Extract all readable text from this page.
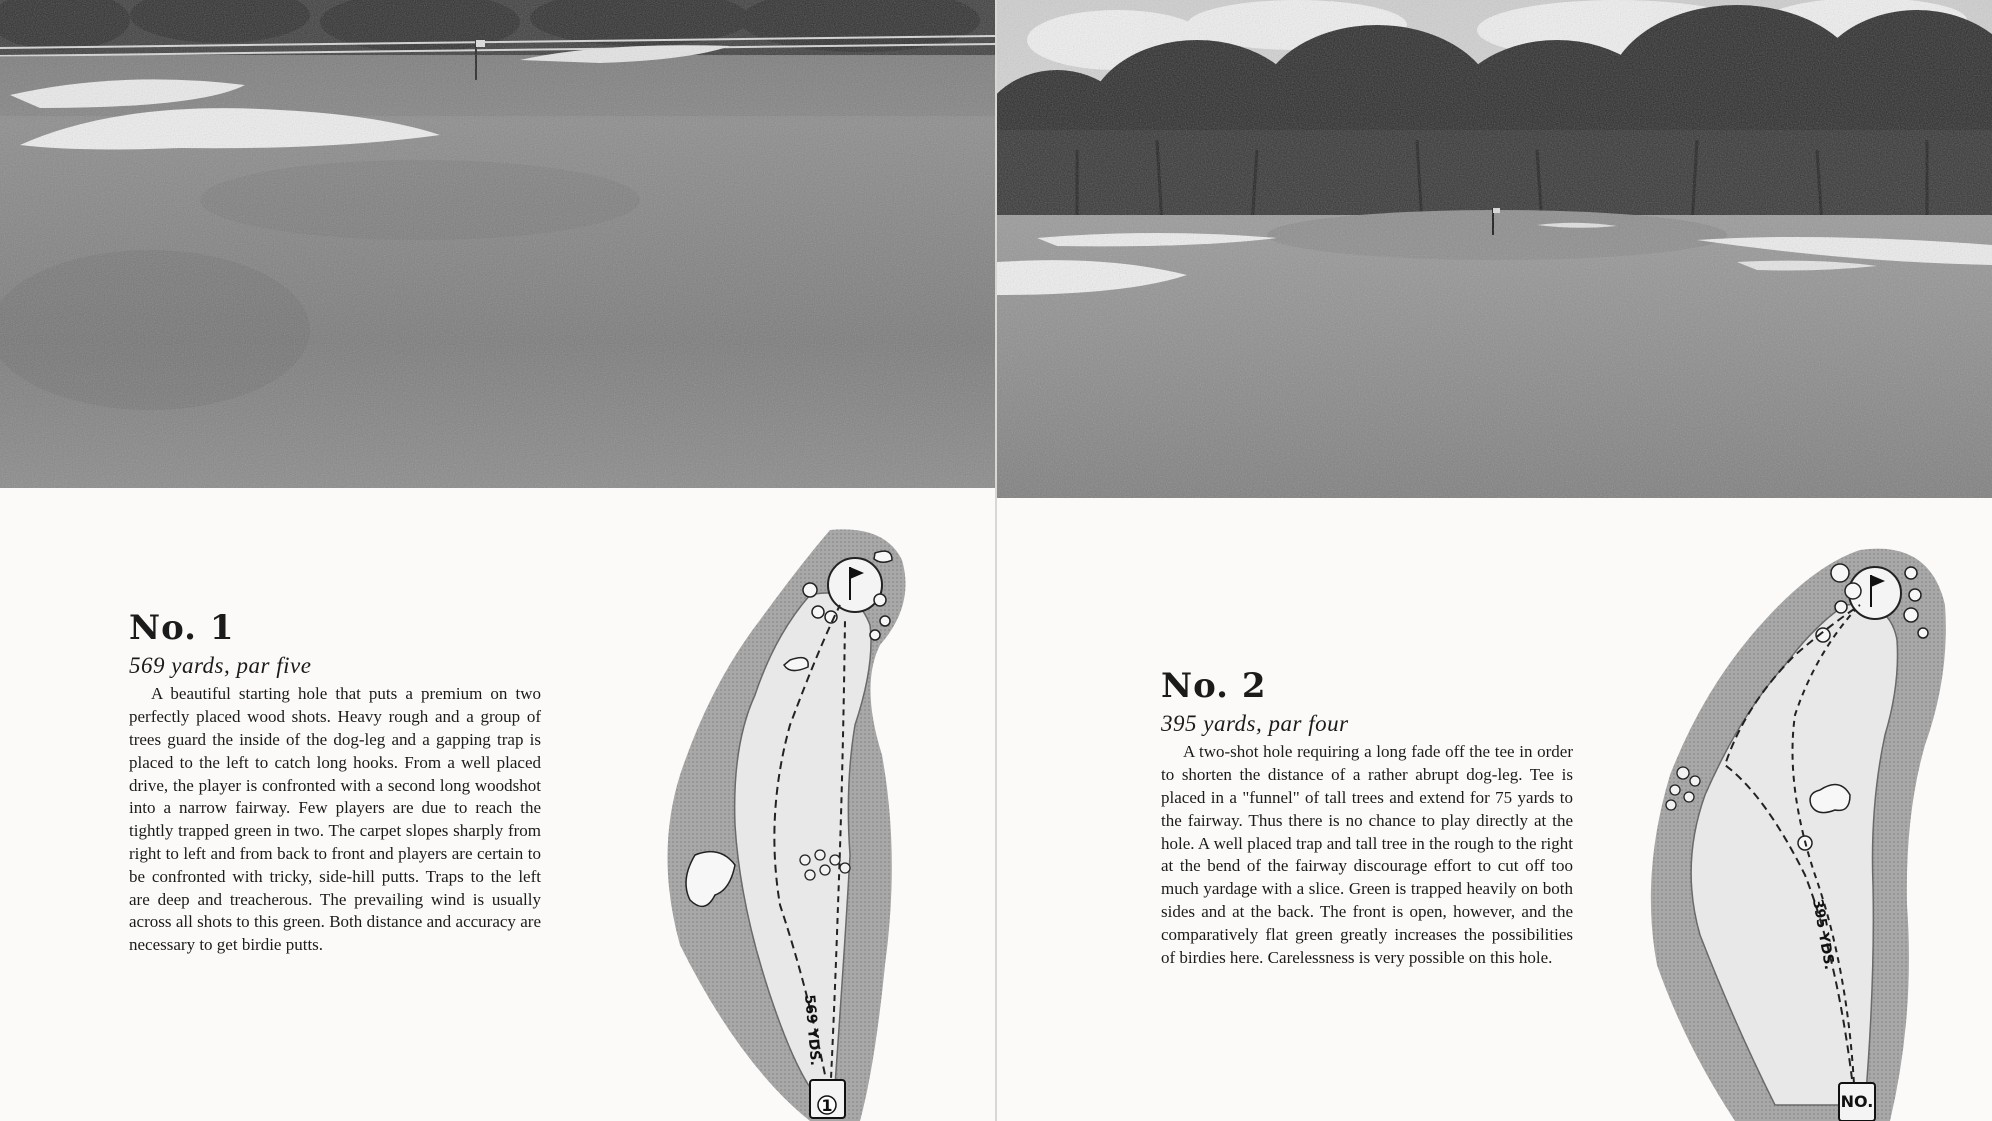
No. 1
569 yards, par five

A beautiful starting hole that puts a premium on two perfectly placed wood shots. Heavy rough and a group of trees guard the inside of the dog-leg and a gapping trap is placed to the left to catch long hooks. From a well placed drive, the player is confronted with a second long woodshot into a narrow fairway. Few players are due to reach the tightly trapped green in two. The carpet slopes sharply from right to left and from back to front and players are certain to be confronted with tricky, side-hill putts. Traps to the left are deep and treacherous. The prevailing wind is usually across all shots to this green. Both distance and accuracy are necessary to get birdie putts.

569 YDS.
1
No. 2
395 yards, par four

A two-shot hole requiring a long fade off the tee in order to shorten the distance of a rather abrupt dog-leg. Tee is placed in a "funnel" of tall trees and extend for 75 yards to the fairway. Thus there is no chance to play directly at the hole. A well placed trap and tall tree in the rough to the right at the bend of the fairway discourage effort to cut off too much yardage with a slice. Green is trapped heavily on both sides and at the back. The front is open, however, and the comparatively flat green greatly increases the possibilities of birdies here. Carelessness is very possible on this hole.	395 YDS.
NO.
